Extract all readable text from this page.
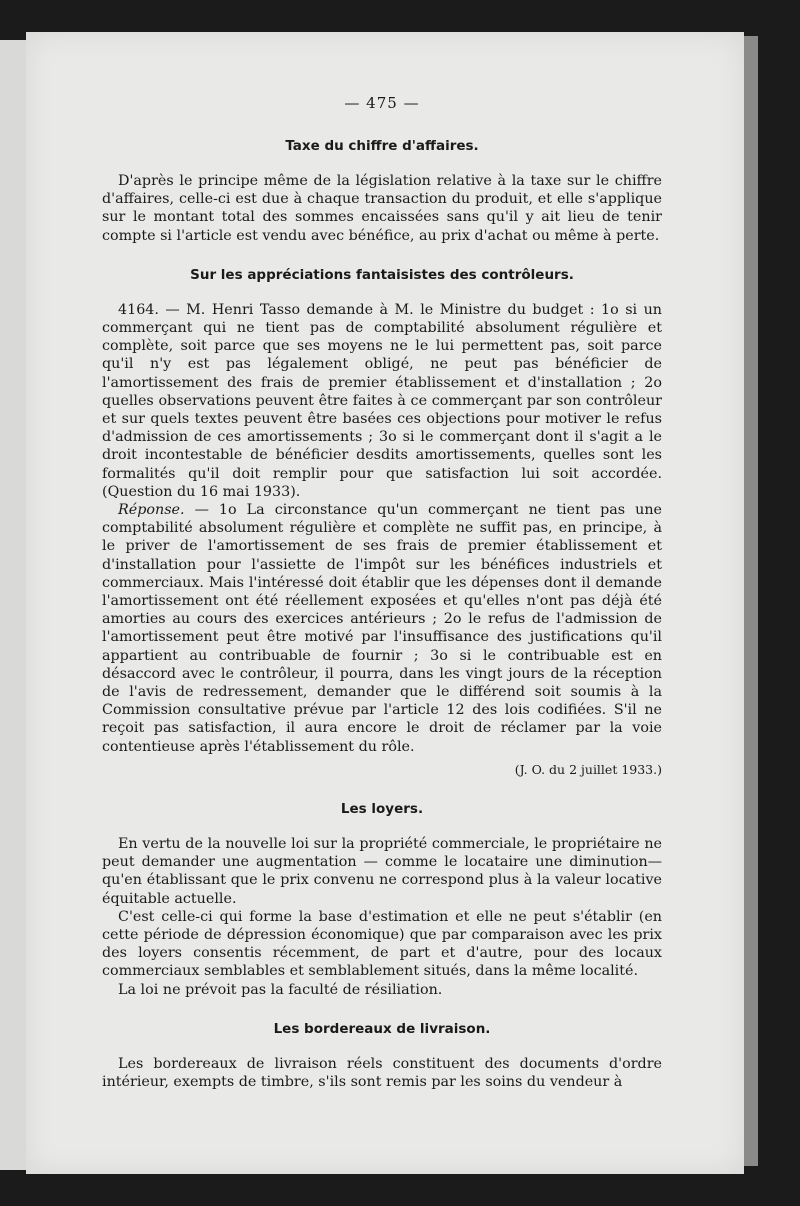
— 475 —
Taxe du chiffre d'affaires.

D'après le principe même de la législation relative à la taxe sur le chiffre d'affaires, celle-ci est due à chaque transaction du produit, et elle s'applique sur le montant total des sommes encaissées sans qu'il y ait lieu de tenir compte si l'article est vendu avec bénéfice, au prix d'achat ou même à perte.

Sur les appréciations fantaisistes des contrôleurs.

4164. — M. Henri Tasso demande à M. le Ministre du budget : 1o si un commerçant qui ne tient pas de comptabilité absolument régulière et complète, soit parce que ses moyens ne le lui permettent pas, soit parce qu'il n'y est pas légalement obligé, ne peut pas bénéficier de l'amortissement des frais de premier établissement et d'installation ; 2o quelles observations peuvent être faites à ce commerçant par son contrôleur et sur quels textes peuvent être basées ces objections pour motiver le refus d'admission de ces amortissements ; 3o si le commerçant dont il s'agit a le droit incontestable de bénéficier desdits amortissements, quelles sont les formalités qu'il doit remplir pour que satisfaction lui soit accordée. (Question du 16 mai 1933).

Réponse. — 1o La circonstance qu'un commerçant ne tient pas une comptabilité absolument régulière et complète ne suffit pas, en principe, à le priver de l'amortissement de ses frais de premier établissement et d'installation pour l'assiette de l'impôt sur les bénéfices industriels et commerciaux. Mais l'intéressé doit établir que les dépenses dont il demande l'amortissement ont été réellement exposées et qu'elles n'ont pas déjà été amorties au cours des exercices antérieurs ; 2o le refus de l'admission de l'amortissement peut être motivé par l'insuffisance des justifications qu'il appartient au contribuable de fournir ; 3o si le contribuable est en désaccord avec le contrôleur, il pourra, dans les vingt jours de la réception de l'avis de redressement, demander que le différend soit soumis à la Commission consultative prévue par l'article 12 des lois codifiées. S'il ne reçoit pas satisfaction, il aura encore le droit de réclamer par la voie contentieuse après l'établissement du rôle.

(J. O. du 2 juillet 1933.)
Les loyers.

En vertu de la nouvelle loi sur la propriété commerciale, le propriétaire ne peut demander une augmentation — comme le locataire une diminution— qu'en établissant que le prix convenu ne correspond plus à la valeur locative équitable actuelle.

C'est celle-ci qui forme la base d'estimation et elle ne peut s'établir (en cette période de dépression économique) que par comparaison avec les prix des loyers consentis récemment, de part et d'autre, pour des locaux commerciaux semblables et semblablement situés, dans la même localité.

La loi ne prévoit pas la faculté de résiliation.

Les bordereaux de livraison.

Les bordereaux de livraison réels constituent des documents d'ordre intérieur, exempts de timbre, s'ils sont remis par les soins du vendeur à
